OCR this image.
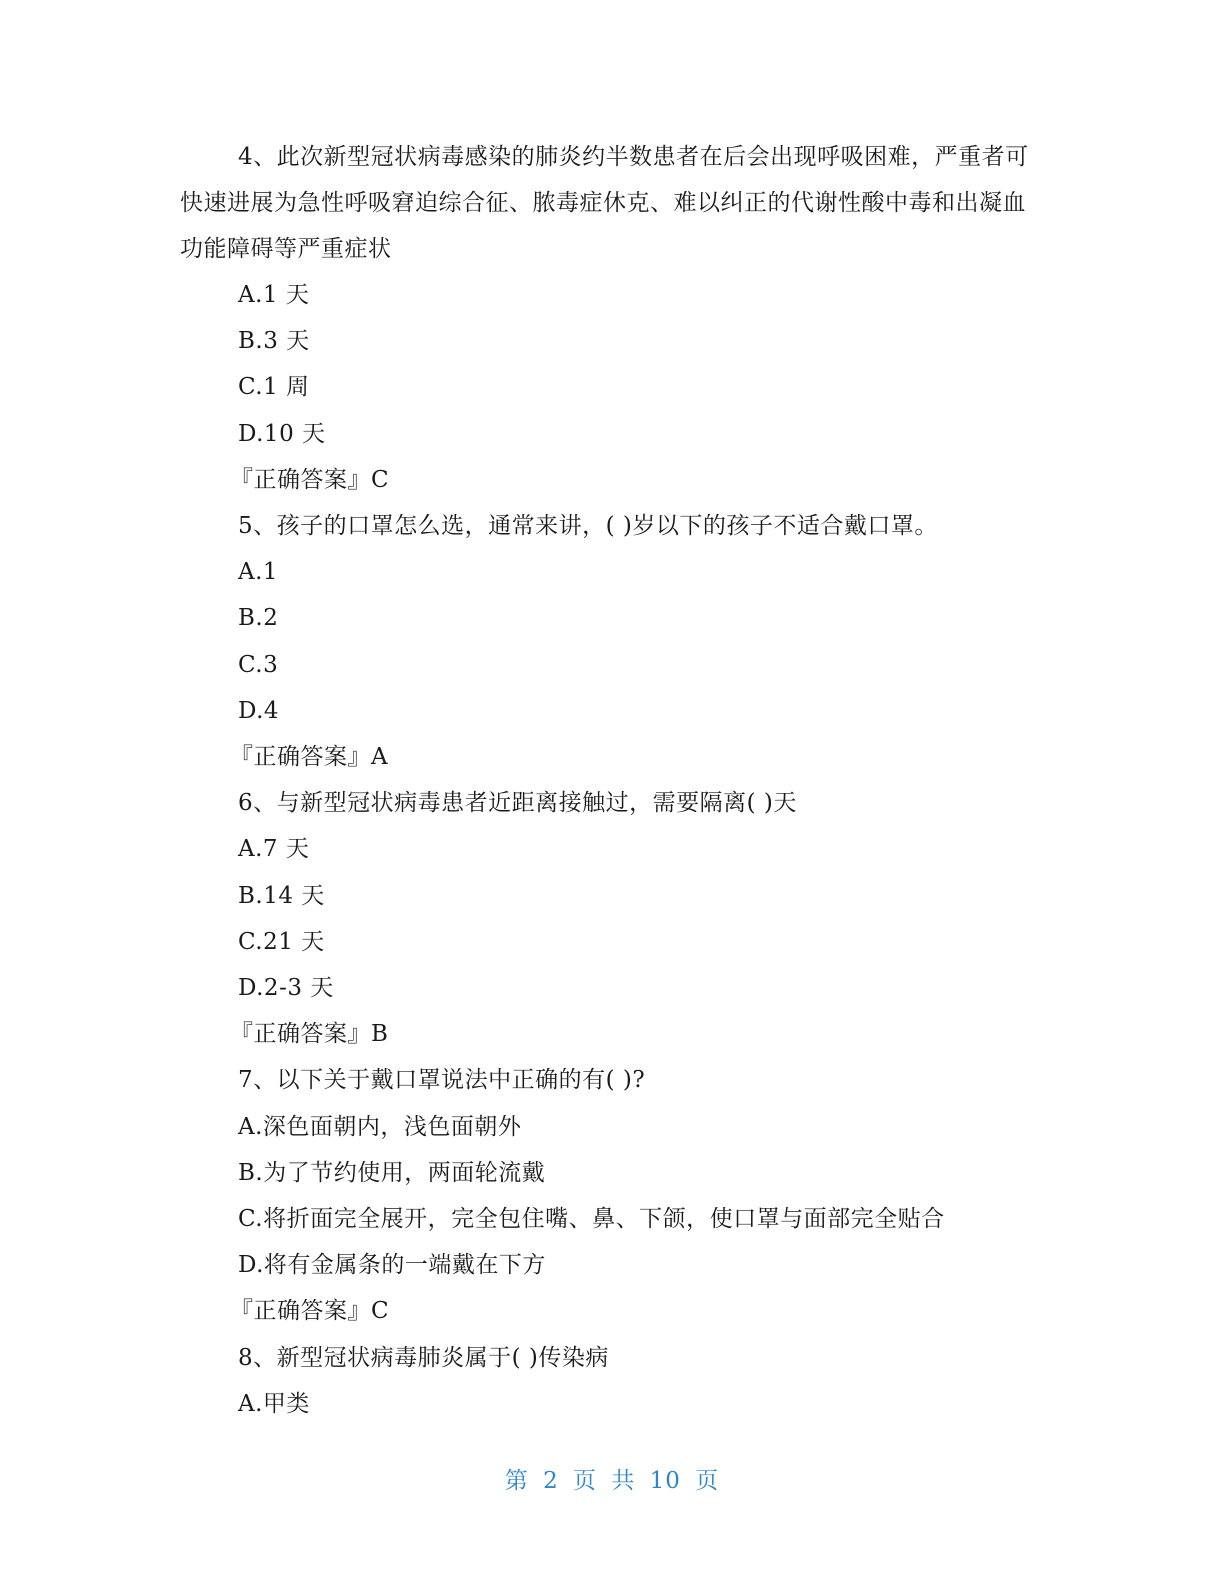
4、此次新型冠状病毒感染的肺炎约半数患者在后会出现呼吸困难，严重者可快速进展为急性呼吸窘迫综合征、脓毒症休克、难以纠正的代谢性酸中毒和出凝血功能障碍等严重症状

A.1 天

B.3 天

C.1 周

D.10 天

『正确答案』C

5、孩子的口罩怎么选，通常来讲，( )岁以下的孩子不适合戴口罩。

A.1

B.2

C.3

D.4

『正确答案』A

6、与新型冠状病毒患者近距离接触过，需要隔离( )天

A.7 天

B.14 天

C.21 天

D.2-3 天

『正确答案』B

7、以下关于戴口罩说法中正确的有( )?

A.深色面朝内，浅色面朝外

B.为了节约使用，两面轮流戴

C.将折面完全展开，完全包住嘴、鼻、下颌，使口罩与面部完全贴合

D.将有金属条的一端戴在下方

『正确答案』C

8、新型冠状病毒肺炎属于( )传染病

A.甲类

第 2 页 共 10 页
